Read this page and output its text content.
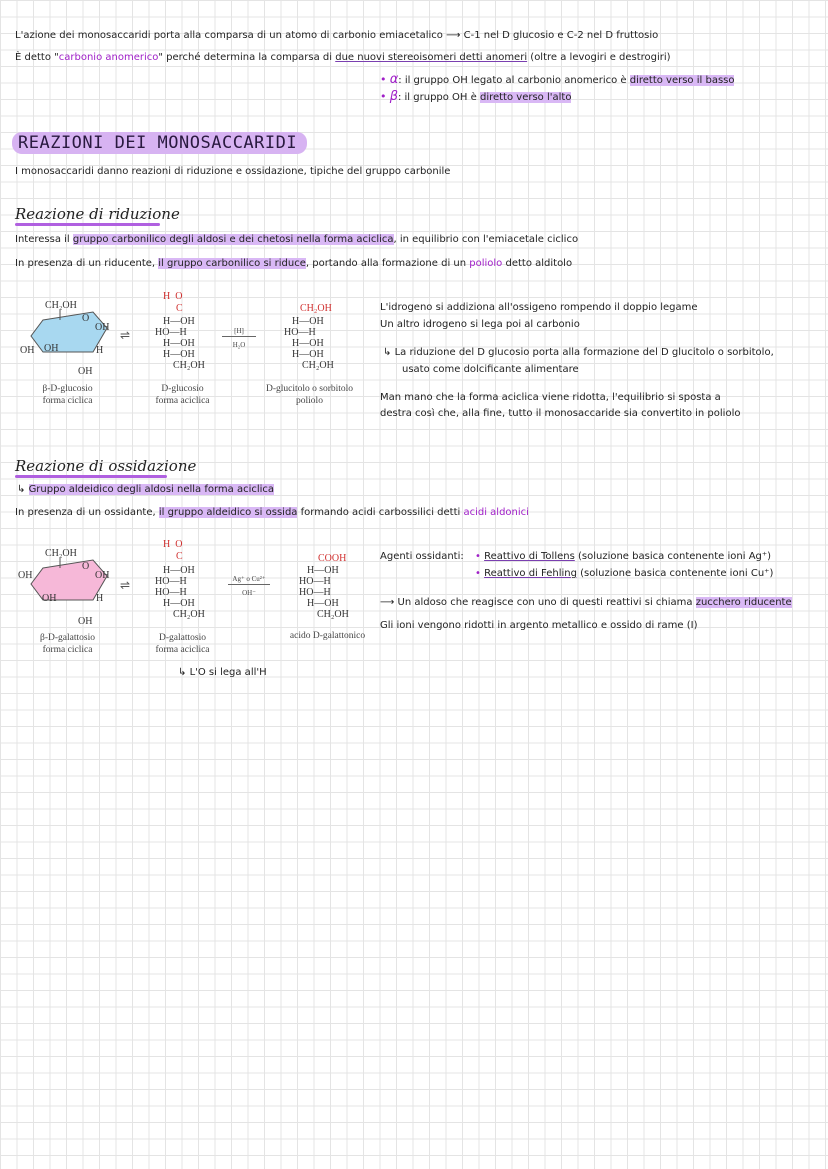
L'azione dei monosaccaridi porta alla comparsa di un atomo di carbonio emiacetalico ⟶ C-1 nel D glucosio e C-2 nel D fruttosio
È detto "carbonio anomerico" perché determina la comparsa di due nuovi stereoisomeri detti anomeri (oltre a levogiri e destrogiri)
• α: il gruppo OH legato al carbonio anomerico è diretto verso il basso
• β: il gruppo OH è diretto verso l'alto
REAZIONI DEI MONOSACCARIDI
I monosaccaridi danno reazioni di riduzione e ossidazione, tipiche del gruppo carbonile
Reazione di riduzione
Interessa il gruppo carbonilico degli aldosi e dei chetosi nella forma aciclica, in equilibrio con l'emiacetale ciclico
In presenza di un riducente, il gruppo carbonilico si riduce, portando alla formazione di un poliolo detto alditolo
CH₂OH
O
OH
OH OH	H
OH
β-D-glucosio
forma ciclica
⇌
H O
C
H—OH
HO—H
H—OH
H—OH
CH₂OH
D-glucosio
forma aciclica
[H]
H₂O
CH₂OH
H—OH
HO—H
H—OH
H—OH
CH₂OH
D-glucitolo o sorbitolo
poliolo
L'idrogeno si addiziona all'ossigeno rompendo il doppio legame
Un altro idrogeno si lega poi al carbonio
↳ La riduzione del D glucosio porta alla formazione del D glucitolo o sorbitolo,
usato come dolcificante alimentare
Man mano che la forma aciclica viene ridotta, l'equilibrio si sposta a
destra così che, alla fine, tutto il monosaccaride sia convertito in poliolo
Reazione di ossidazione
↳ Gruppo aldeidico degli aldosi nella forma aciclica
In presenza di un ossidante, il gruppo aldeidico si ossida formando acidi carbossilici detti acidi aldonici
CH₂OH
O
OH	OH
OH	H
OH
β-D-galattosio
forma ciclica
⇌
H O
C
H—OH
HO—H
HO—H
H—OH
CH₂OH
D-galattosio
forma aciclica
Ag⁺ o Cu²⁺
OH⁻
COOH
H—OH
HO—H
HO—H
H—OH
CH₂OH
acido D-galattonico
Agenti ossidanti: • Reattivo di Tollens (soluzione basica contenente ioni Ag⁺)
• Reattivo di Fehling (soluzione basica contenente ioni Cu⁺)
⟶ Un aldoso che reagisce con uno di questi reattivi si chiama zucchero riducente
Gli ioni vengono ridotti in argento metallico e ossido di rame (I)
↳ L'O si lega all'H
